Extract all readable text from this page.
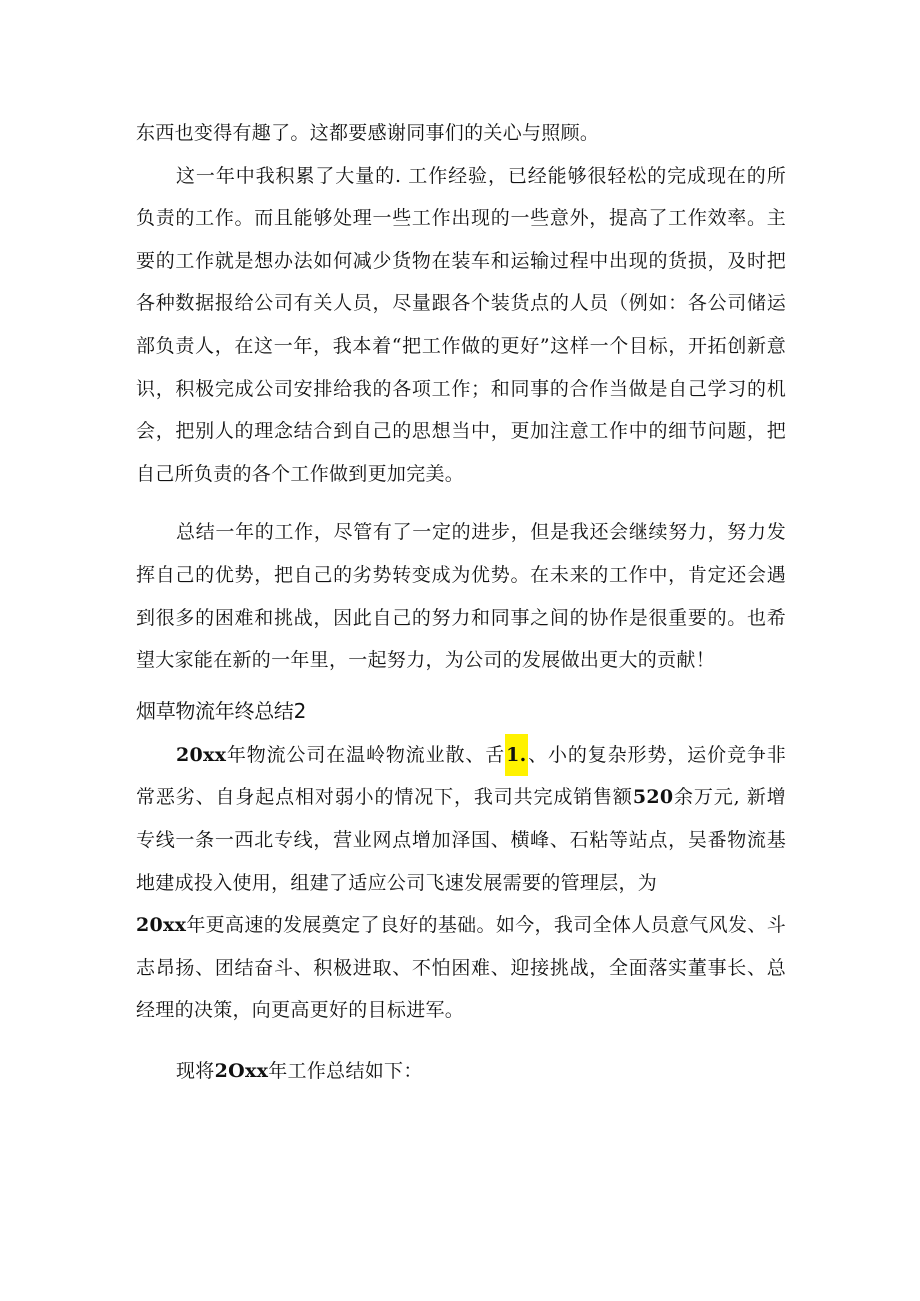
东西也变得有趣了。这都要感谢同事们的关心与照顾。

这一年中我积累了大量的. 工作经验，已经能够很轻松的完成现在的所负责的工作。而且能够处理一些工作出现的一些意外，提高了工作效率。主要的工作就是想办法如何减少货物在装车和运输过程中出现的货损，及时把各种数据报给公司有关人员，尽量跟各个装货点的人员（例如：各公司储运部负责人，在这一年，我本着“把工作做的更好”这样一个目标，开拓创新意识，积极完成公司安排给我的各项工作；和同事的合作当做是自己学习的机会，把别人的理念结合到自己的思想当中，更加注意工作中的细节问题，把自己所负责的各个工作做到更加完美。

总结一年的工作，尽管有了一定的进步，但是我还会继续努力，努力发挥自己的优势，把自己的劣势转变成为优势。在未来的工作中，肯定还会遇到很多的困难和挑战，因此自己的努力和同事之间的协作是很重要的。也希望大家能在新的一年里，一起努力，为公司的发展做出更大的贡献！

烟草物流年终总结2

20xx年物流公司在温岭物流业散、舌1.、小的复杂形势，运价竞争非常恶劣、自身起点相对弱小的情况下，我司共完成销售额520余万元, 新增专线一条一西北专线，营业网点增加泽国、横峰、石粘等站点，吴番物流基地建成投入使用，组建了适应公司飞速发展需要的管理层，为

20xx年更高速的发展奠定了良好的基础。如今，我司全体人员意气风发、斗志昂扬、团结奋斗、积极进取、不怕困难、迎接挑战，全面落实董事长、总经理的决策，向更高更好的目标进军。

现将2Oxx年工作总结如下：
